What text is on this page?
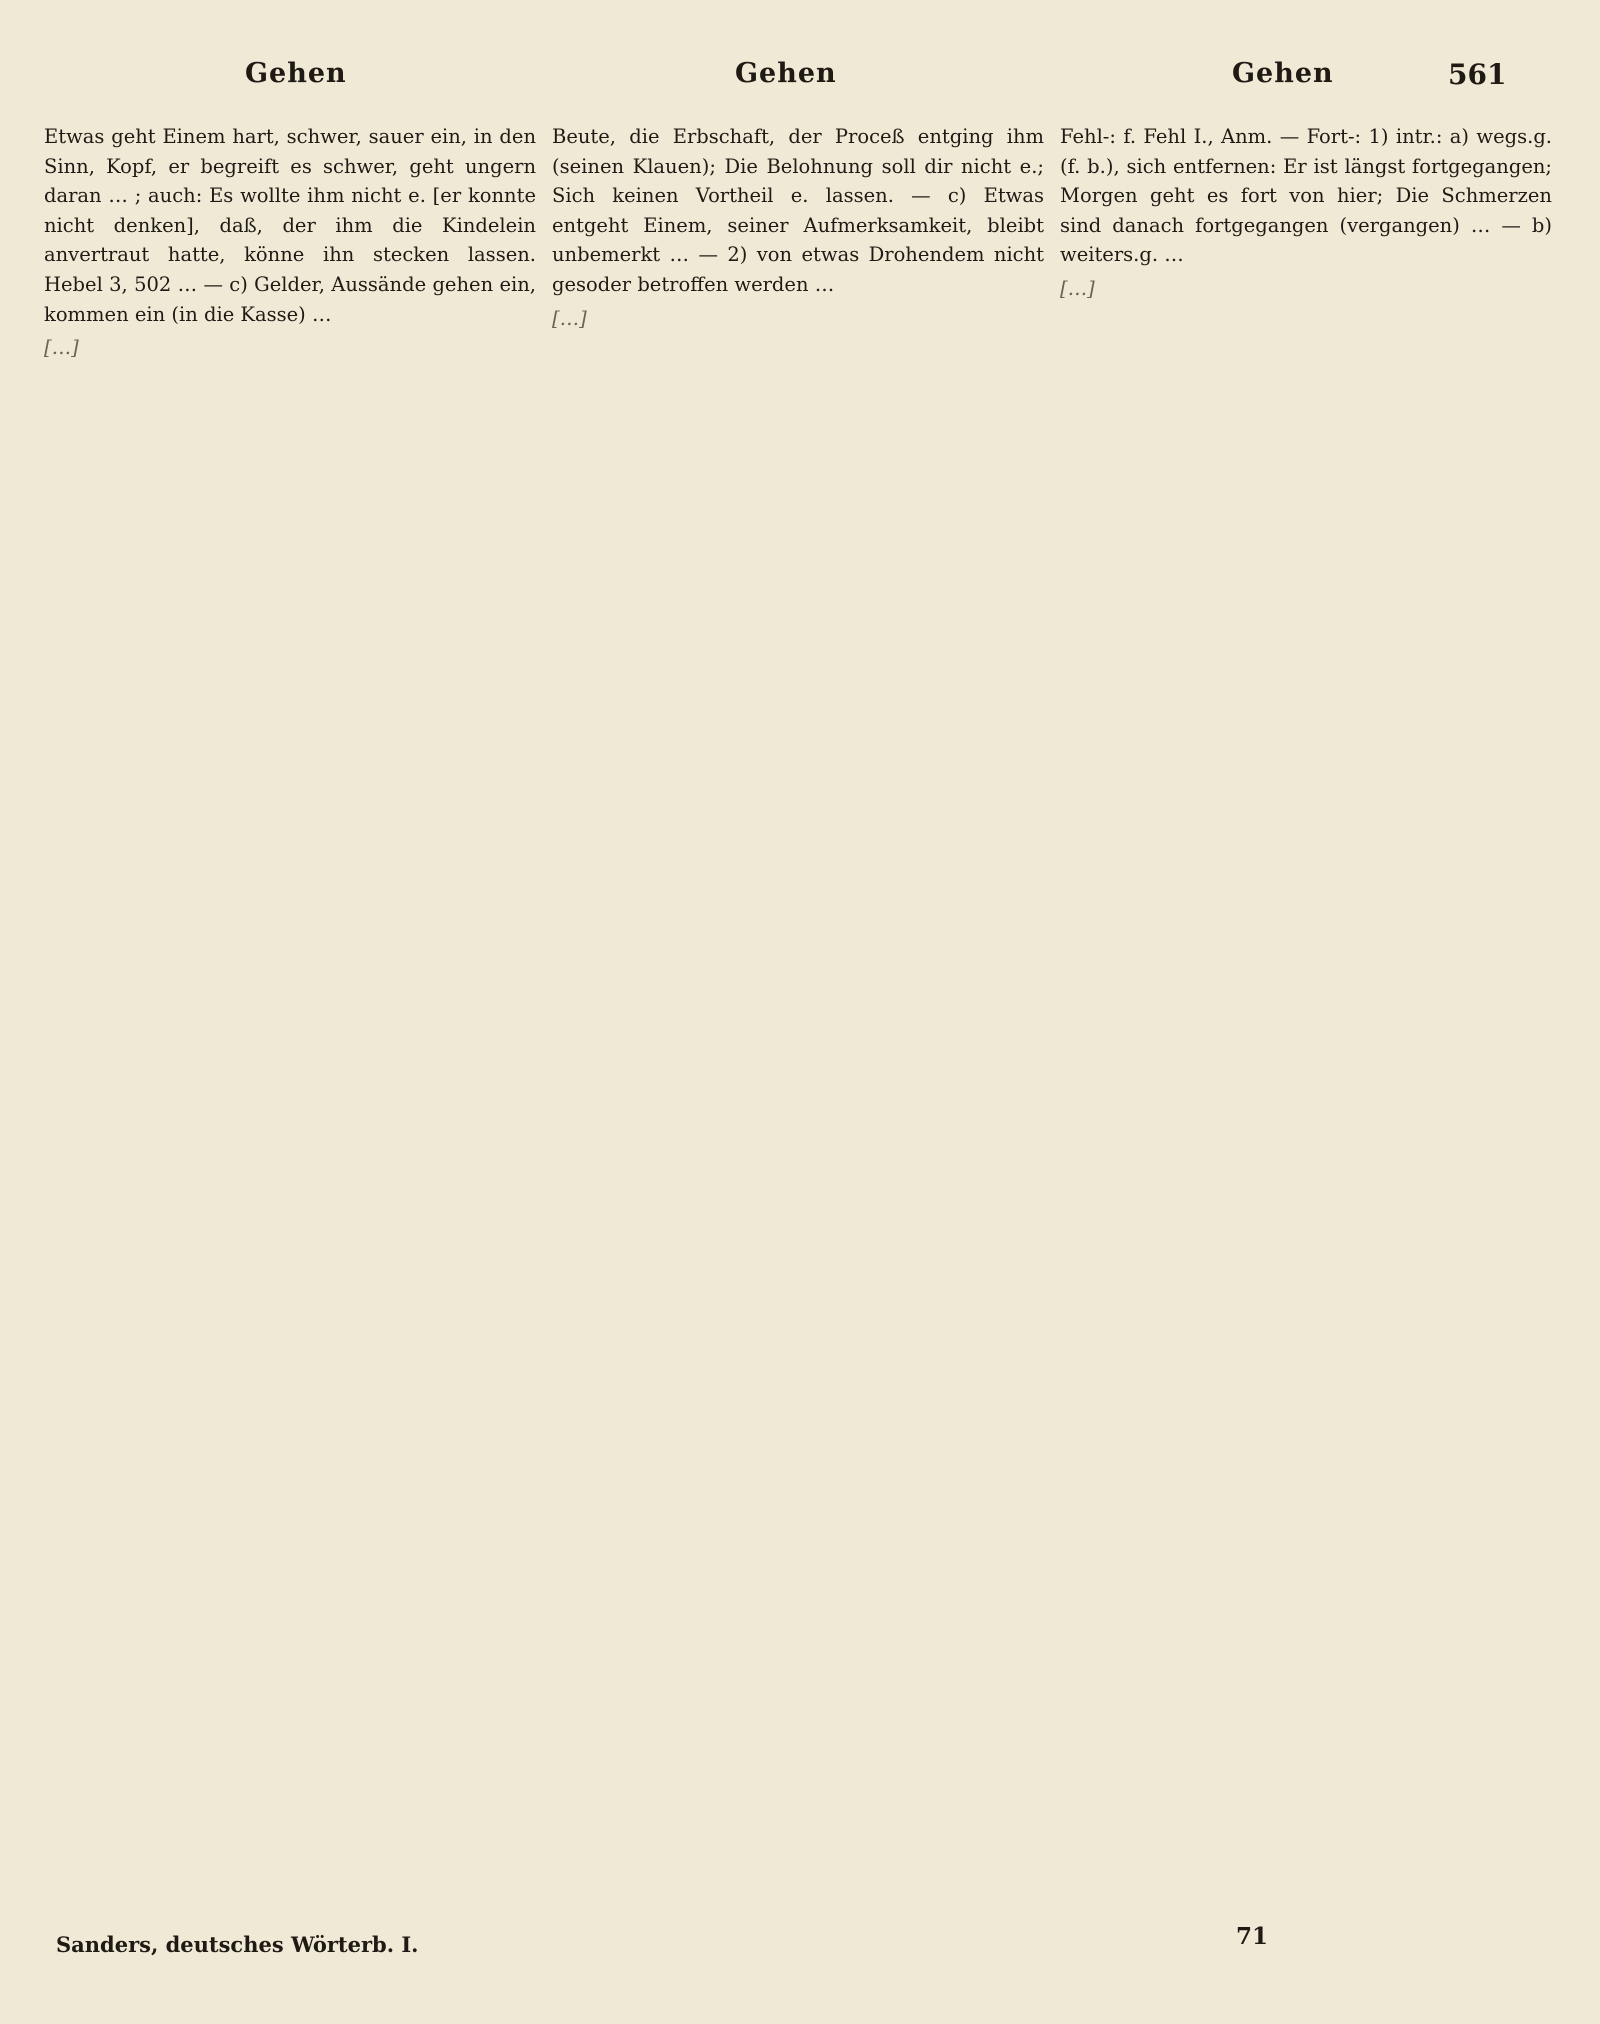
Gehen	Gehen	Gehen	561

Etwas geht Einem hart, schwer, sauer ein, in den Sinn, Kopf, er begreift es schwer, geht ungern daran … ; auch: Es wollte ihm nicht e. [er konnte nicht denken], daß, der ihm die Kindelein anvertraut hatte, könne ihn stecken lassen. Hebel 3, 502 … — c) Gelder, Aussände gehen ein, kommen ein (in die Kasse) …

[…]

Beute, die Erbschaft, der Proceß entging ihm (seinen Klauen); Die Belohnung soll dir nicht e.; Sich keinen Vortheil e. lassen. — c) Etwas entgeht Einem, seiner Aufmerksamkeit, bleibt unbemerkt … — 2) von etwas Drohendem nicht gesoder betroffen werden …

[…]

Fehl-: f. Fehl I., Anm. — Fort-: 1) intr.: a) wegs.g. (f. b.), sich entfernen: Er ist längst fortgegangen; Morgen geht es fort von hier; Die Schmerzen sind danach fortgegangen (vergangen) … — b) weiters.g. …

[…]

Sanders, deutsches Wörterb. I.	71
